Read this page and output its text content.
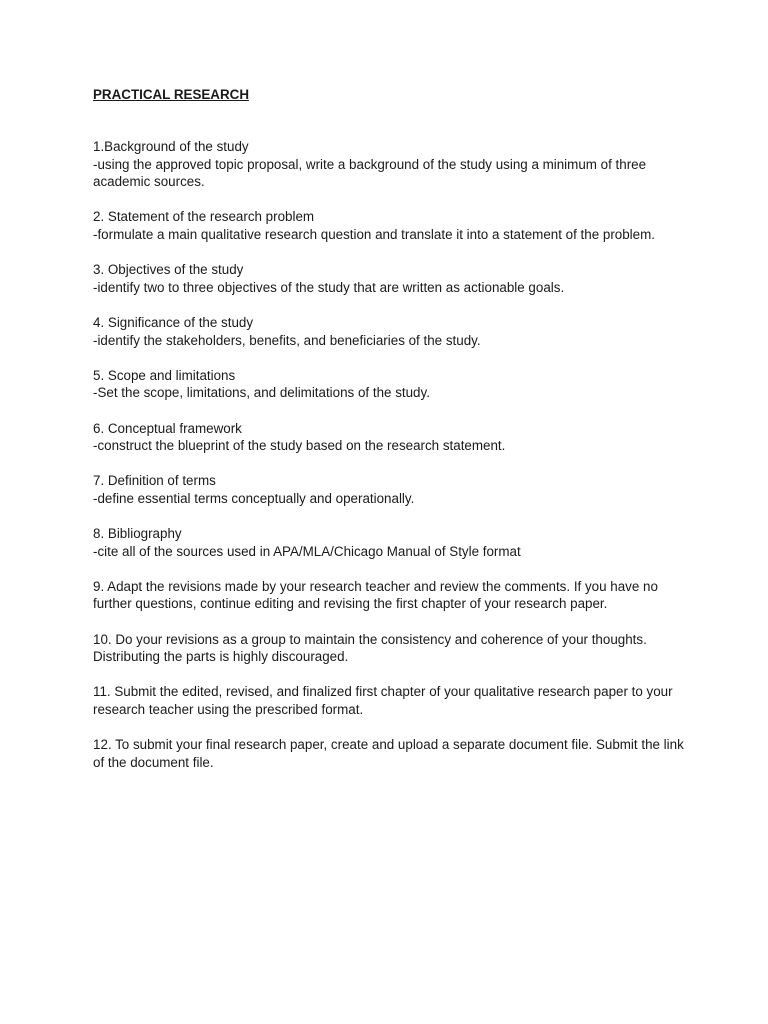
PRACTICAL RESEARCH

1.Background of the study

-using the approved topic proposal, write a background of the study using a minimum of three academic sources.

2. Statement of the research problem

-formulate a main qualitative research question and translate it into a statement of the problem.

3. Objectives of the study

-identify two to three objectives of the study that are written as actionable goals.

4. Significance of the study

-identify the stakeholders, benefits, and beneficiaries of the study.

5. Scope and limitations

-Set the scope, limitations, and delimitations of the study.

6. Conceptual framework

-construct the blueprint of the study based on the research statement.

7. Definition of terms

-define essential terms conceptually and operationally.

8. Bibliography

-cite all of the sources used in APA/MLA/Chicago Manual of Style format

9. Adapt the revisions made by your research teacher and review the comments. If you have no further questions, continue editing and revising the first chapter of your research paper.

10. Do your revisions as a group to maintain the consistency and coherence of your thoughts. Distributing the parts is highly discouraged.

11. Submit the edited, revised, and finalized first chapter of your qualitative research paper to your research teacher using the prescribed format.

12. To submit your final research paper, create and upload a separate document file. Submit the link of the document file.
